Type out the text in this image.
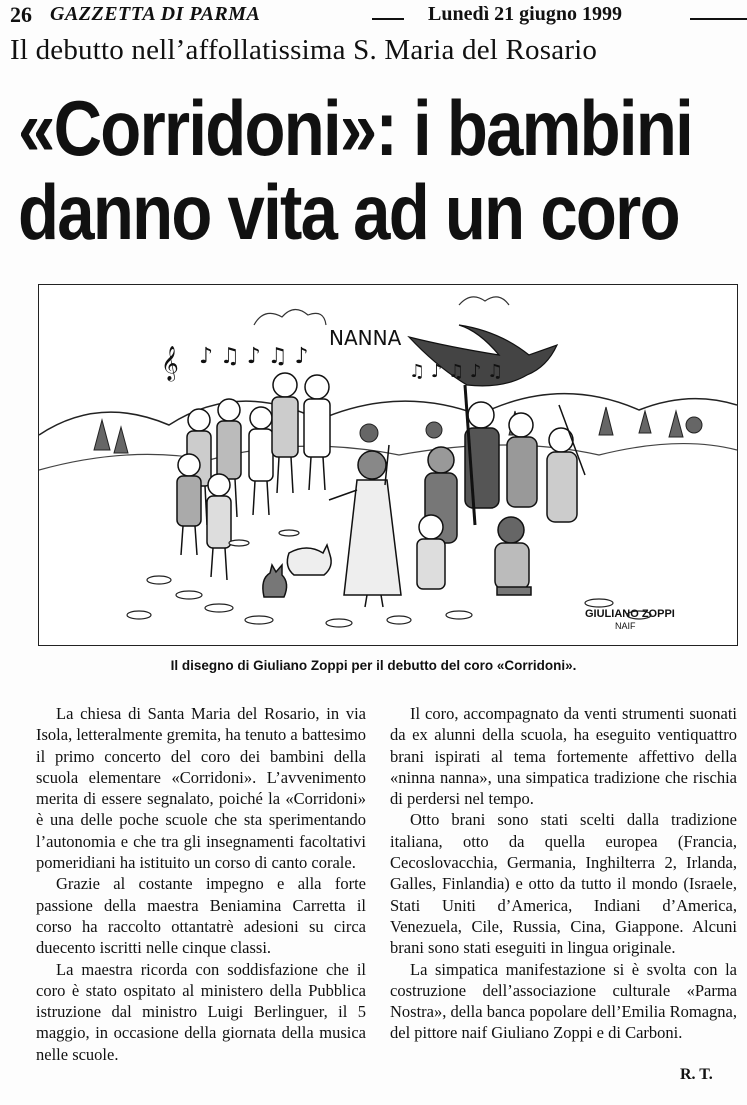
26 GAZZETTA DI PARMA	Lunedì 21 giugno 1999
Il debutto nell’affollatissima S. Maria del Rosario
«Corridoni»: i bambini
danno vita ad un coro
𝄞 ♪ ♫ ♪ ♫ ♪
NANNA
♫ ♪ ♫ ♪ ♫
GIULIANO ZOPPI
NAIF
Il disegno di Giuliano Zoppi per il debutto del coro «Corridoni».

La chiesa di Santa Maria del Rosario, in via Isola, letteralmente gremita, ha tenuto a battesimo il primo concerto del coro dei bambini della scuola elementare «Corridoni». L’avvenimento merita di essere segnalato, poiché la «Corridoni» è una delle poche scuole che sta sperimentando l’autonomia e che tra gli insegnamenti facoltativi pomeridiani ha istituito un corso di canto corale.

Grazie al costante impegno e alla forte passione della maestra Beniamina Carretta il corso ha raccolto ottantatrè adesioni su circa duecento iscritti nelle cinque classi.

La maestra ricorda con soddisfazione che il coro è stato ospitato al ministero della Pubblica istruzione dal ministro Luigi Berlinguer, il 5 maggio, in occasione della giornata della musica nelle scuole.

Il coro, accompagnato da venti strumenti suonati da ex alunni della scuola, ha eseguito ventiquattro brani ispirati al tema fortemente affettivo della «ninna nanna», una simpatica tradizione che rischia di perdersi nel tempo.

Otto brani sono stati scelti dalla tradizione italiana, otto da quella europea (Francia, Cecoslovacchia, Germania, Inghilterra 2, Irlanda, Galles, Finlandia) e otto da tutto il mondo (Israele, Stati Uniti d’America, Indiani d’America, Venezuela, Cile, Russia, Cina, Giappone. Alcuni brani sono stati eseguiti in lingua originale.

La simpatica manifestazione si è svolta con la costruzione dell’associazione culturale «Parma Nostra», della banca popolare dell’Emilia Romagna, del pittore naif Giuliano Zoppi e di Carboni.

R. T.
